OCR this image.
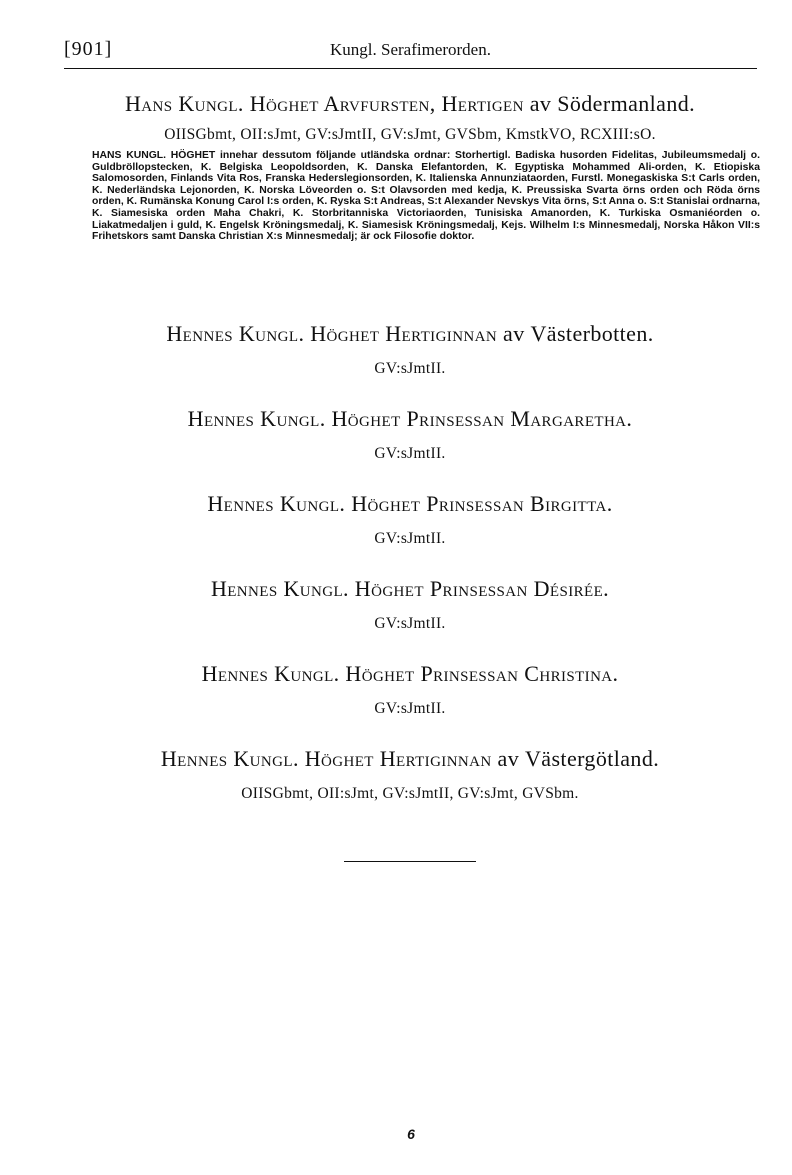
[901]	Kungl. Serafimerorden.
Hans Kungl. Höghet Arvfursten, Hertigen av Södermanland.
OIISGbmt, OII:sJmt, GV:sJmtII, GV:sJmt, GVSbm, KmstkVO, RCXIII:sO.
HANS KUNGL. HÖGHET innehar dessutom följande utländska ordnar: Storhertigl. Badiska husorden Fidelitas, Jubileumsmedalj o. Guldbröllopstecken, K. Belgiska Leopoldsorden, K. Danska Elefantorden, K. Egyptiska Mohammed Ali-orden, K. Etiopiska Salomosorden, Finlands Vita Ros, Franska Hederslegionsorden, K. Italienska Annunziataorden, Furstl. Monegaskiska S:t Carls orden, K. Nederländska Lejonorden, K. Norska Löveorden o. S:t Olavsorden med kedja, K. Preussiska Svarta örns orden och Röda örns orden, K. Rumänska Konung Carol I:s orden, K. Ryska S:t Andreas, S:t Alexander Nevskys Vita örns, S:t Anna o. S:t Stanislai ordnarna, K. Siamesiska orden Maha Chakri, K. Storbritanniska Victoriaorden, Tunisiska Amanorden, K. Turkiska Osmaniéorden o. Liakatmedaljen i guld, K. Engelsk Kröningsmedalj, K. Siamesisk Kröningsmedalj, Kejs. Wilhelm I:s Minnesmedalj, Norska Håkon VII:s Frihetskors samt Danska Christian X:s Minnesmedalj; är ock Filosofie doktor.
Hennes Kungl. Höghet Hertiginnan av Västerbotten.
GV:sJmtII.
Hennes Kungl. Höghet Prinsessan Margaretha.
GV:sJmtII.
Hennes Kungl. Höghet Prinsessan Birgitta.
GV:sJmtII.
Hennes Kungl. Höghet Prinsessan Désirée.
GV:sJmtII.
Hennes Kungl. Höghet Prinsessan Christina.
GV:sJmtII.
Hennes Kungl. Höghet Hertiginnan av Västergötland.
OIISGbmt, OII:sJmt, GV:sJmtII, GV:sJmt, GVSbm.
6
